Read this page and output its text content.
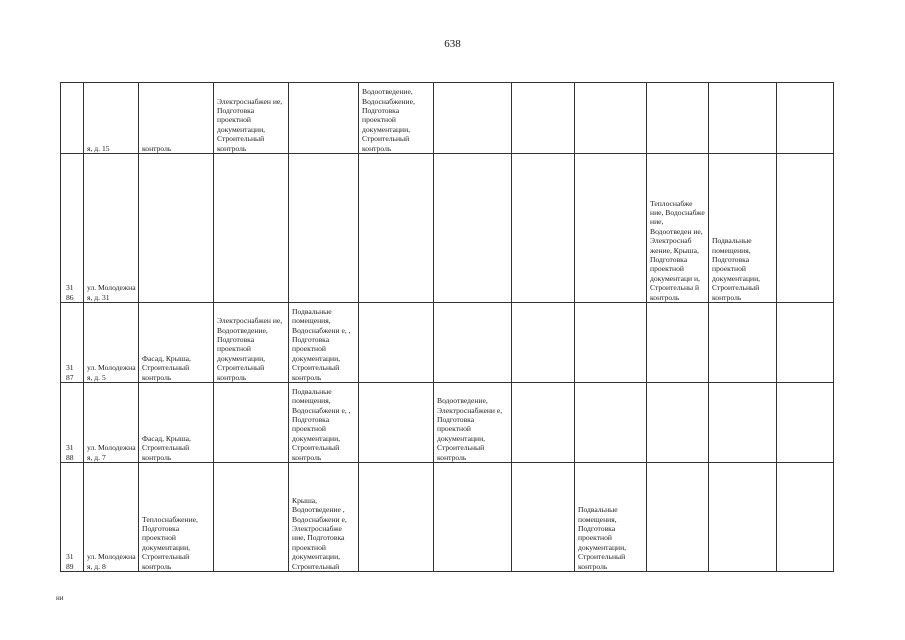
638
	я, д. 15	контроль	Электроснабжен ие, Подготовка проектной документации, Строительный контроль		Водоотведение, Водоснабжение, Подготовка проектной документации, Строительный контроль						
31 86	ул. Молодежна я, д. 31								Теплоснабже ние, Водоснабже ние, Водоотведен ие, Электроснаб жение, Крыша, Подготовка проектной документаци и, Строительны й контроль	Подвальные помещения, Подготовка проектной документации, Строительный контроль	
31 87	ул. Молодежна я, д. 5	Фасад, Крыша, Строительный контроль	Электроснабжен ие, Водоотведение, Подготовка проектной документации, Строительный контроль	Подвальные помещения, Водоснабжени е, , Подготовка проектной документации, Строительный контроль							
31 88	ул. Молодежна я, д. 7	Фасад, Крыша, Строительный контроль		Подвальные помещения, Водоснабжени е, , Подготовка проектной документации, Строительный контроль		Водоотведение, Электроснабжени е, Подготовка проектной документации, Строительный контроль					
31 89	ул. Молодежна я, д. 8	Теплоснабжение, Подготовка проектной документации, Строительный контроль		Крыша, Водоотведение , Водоснабжени е, Электроснабже ние, Подготовка проектной документации, Строительный				Подвальные помещения, Подготовка проектной документации, Строительный контроль			
ни
